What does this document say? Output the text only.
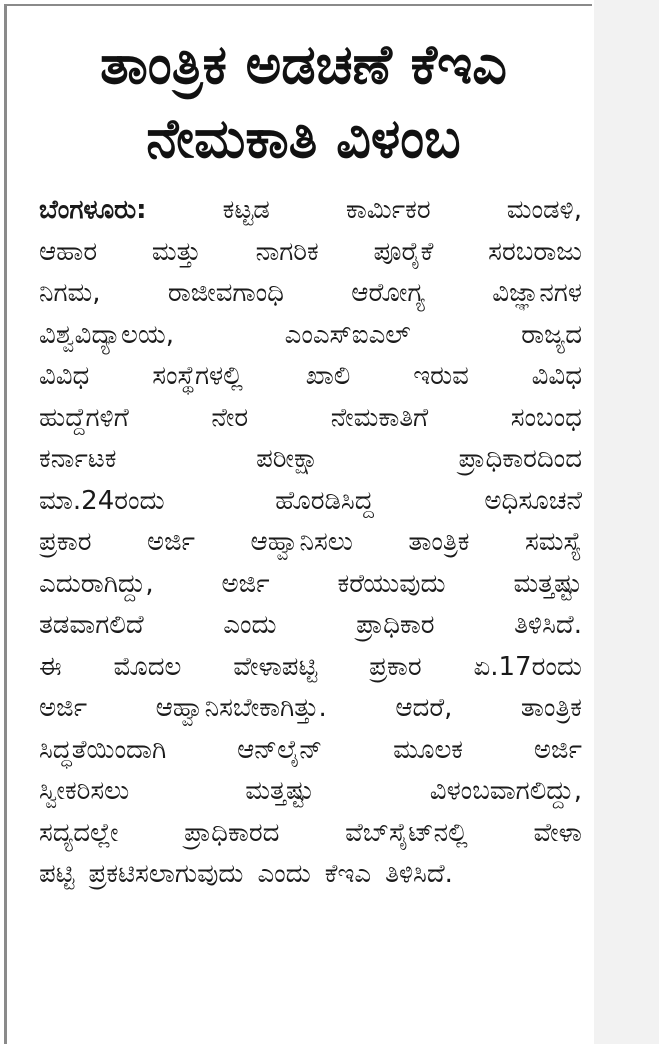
ತಾಂತ್ರಿಕ ಅಡಚಣೆ ಕೆಇಎ
ನೇಮಕಾತಿ ವಿಳಂಬ
ಬೆಂಗಳೂರು:	ಕಟ್ಟಡ	ಕಾರ್ಮಿಕರ	ಮಂಡಳಿ,
ಆಹಾರ ಮತ್ತು ನಾಗರಿಕ ಪೂರೈಕೆ ಸರಬರಾಜು
ನಿಗಮ,	ರಾಜೀವಗಾಂಧಿ	ಆರೋಗ್ಯ	ವಿಜ್ಞಾನಗಳ
ವಿಶ್ವವಿದ್ಯಾಲಯ,	ಎಂಎಸ್ಐಎಲ್	ರಾಜ್ಯದ
ವಿವಿಧ ಸಂಸ್ಥೆಗಳಲ್ಲಿ ಖಾಲಿ ಇರುವ ವಿವಿಧ
ಹುದ್ದೆಗಳಿಗೆ	ನೇರ	ನೇಮಕಾತಿಗೆ	ಸಂಬಂಧ
ಕರ್ನಾಟಕ	ಪರೀಕ್ಷಾ	ಪ್ರಾಧಿಕಾರದಿಂದ
ಮಾ.24ರಂದು	ಹೊರಡಿಸಿದ್ದ	ಅಧಿಸೂಚನೆ
ಪ್ರಕಾರ ಅರ್ಜಿ ಆಹ್ವಾನಿಸಲು ತಾಂತ್ರಿಕ ಸಮಸ್ಯೆ
ಎದುರಾಗಿದ್ದು,	ಅರ್ಜಿ	ಕರೆಯುವುದು	ಮತ್ತಷ್ಟು
ತಡವಾಗಲಿದೆ	ಎಂದು	ಪ್ರಾಧಿಕಾರ	ತಿಳಿಸಿದೆ.
ಈ ಮೊದಲ ವೇಳಾಪಟ್ಟಿ ಪ್ರಕಾರ ಏ.17ರಂದು
ಅರ್ಜಿ	ಆಹ್ವಾನಿಸಬೇಕಾಗಿತ್ತು.	ಆದರೆ,	ತಾಂತ್ರಿಕ
ಸಿದ್ಧತೆಯಿಂದಾಗಿ	ಆನ್‌ಲೈನ್	ಮೂಲಕ	ಅರ್ಜಿ
ಸ್ವೀಕರಿಸಲು	ಮತ್ತಷ್ಟು	ವಿಳಂಬವಾಗಲಿದ್ದು,
ಸದ್ಯದಲ್ಲೇ	ಪ್ರಾಧಿಕಾರದ	ವೆಬ್‌ಸೈಟ್‌ನಲ್ಲಿ	ವೇಳಾ
ಪಟ್ಟಿ ಪ್ರಕಟಿಸಲಾಗುವುದು ಎಂದು ಕೆಇಎ ತಿಳಿಸಿದೆ.
